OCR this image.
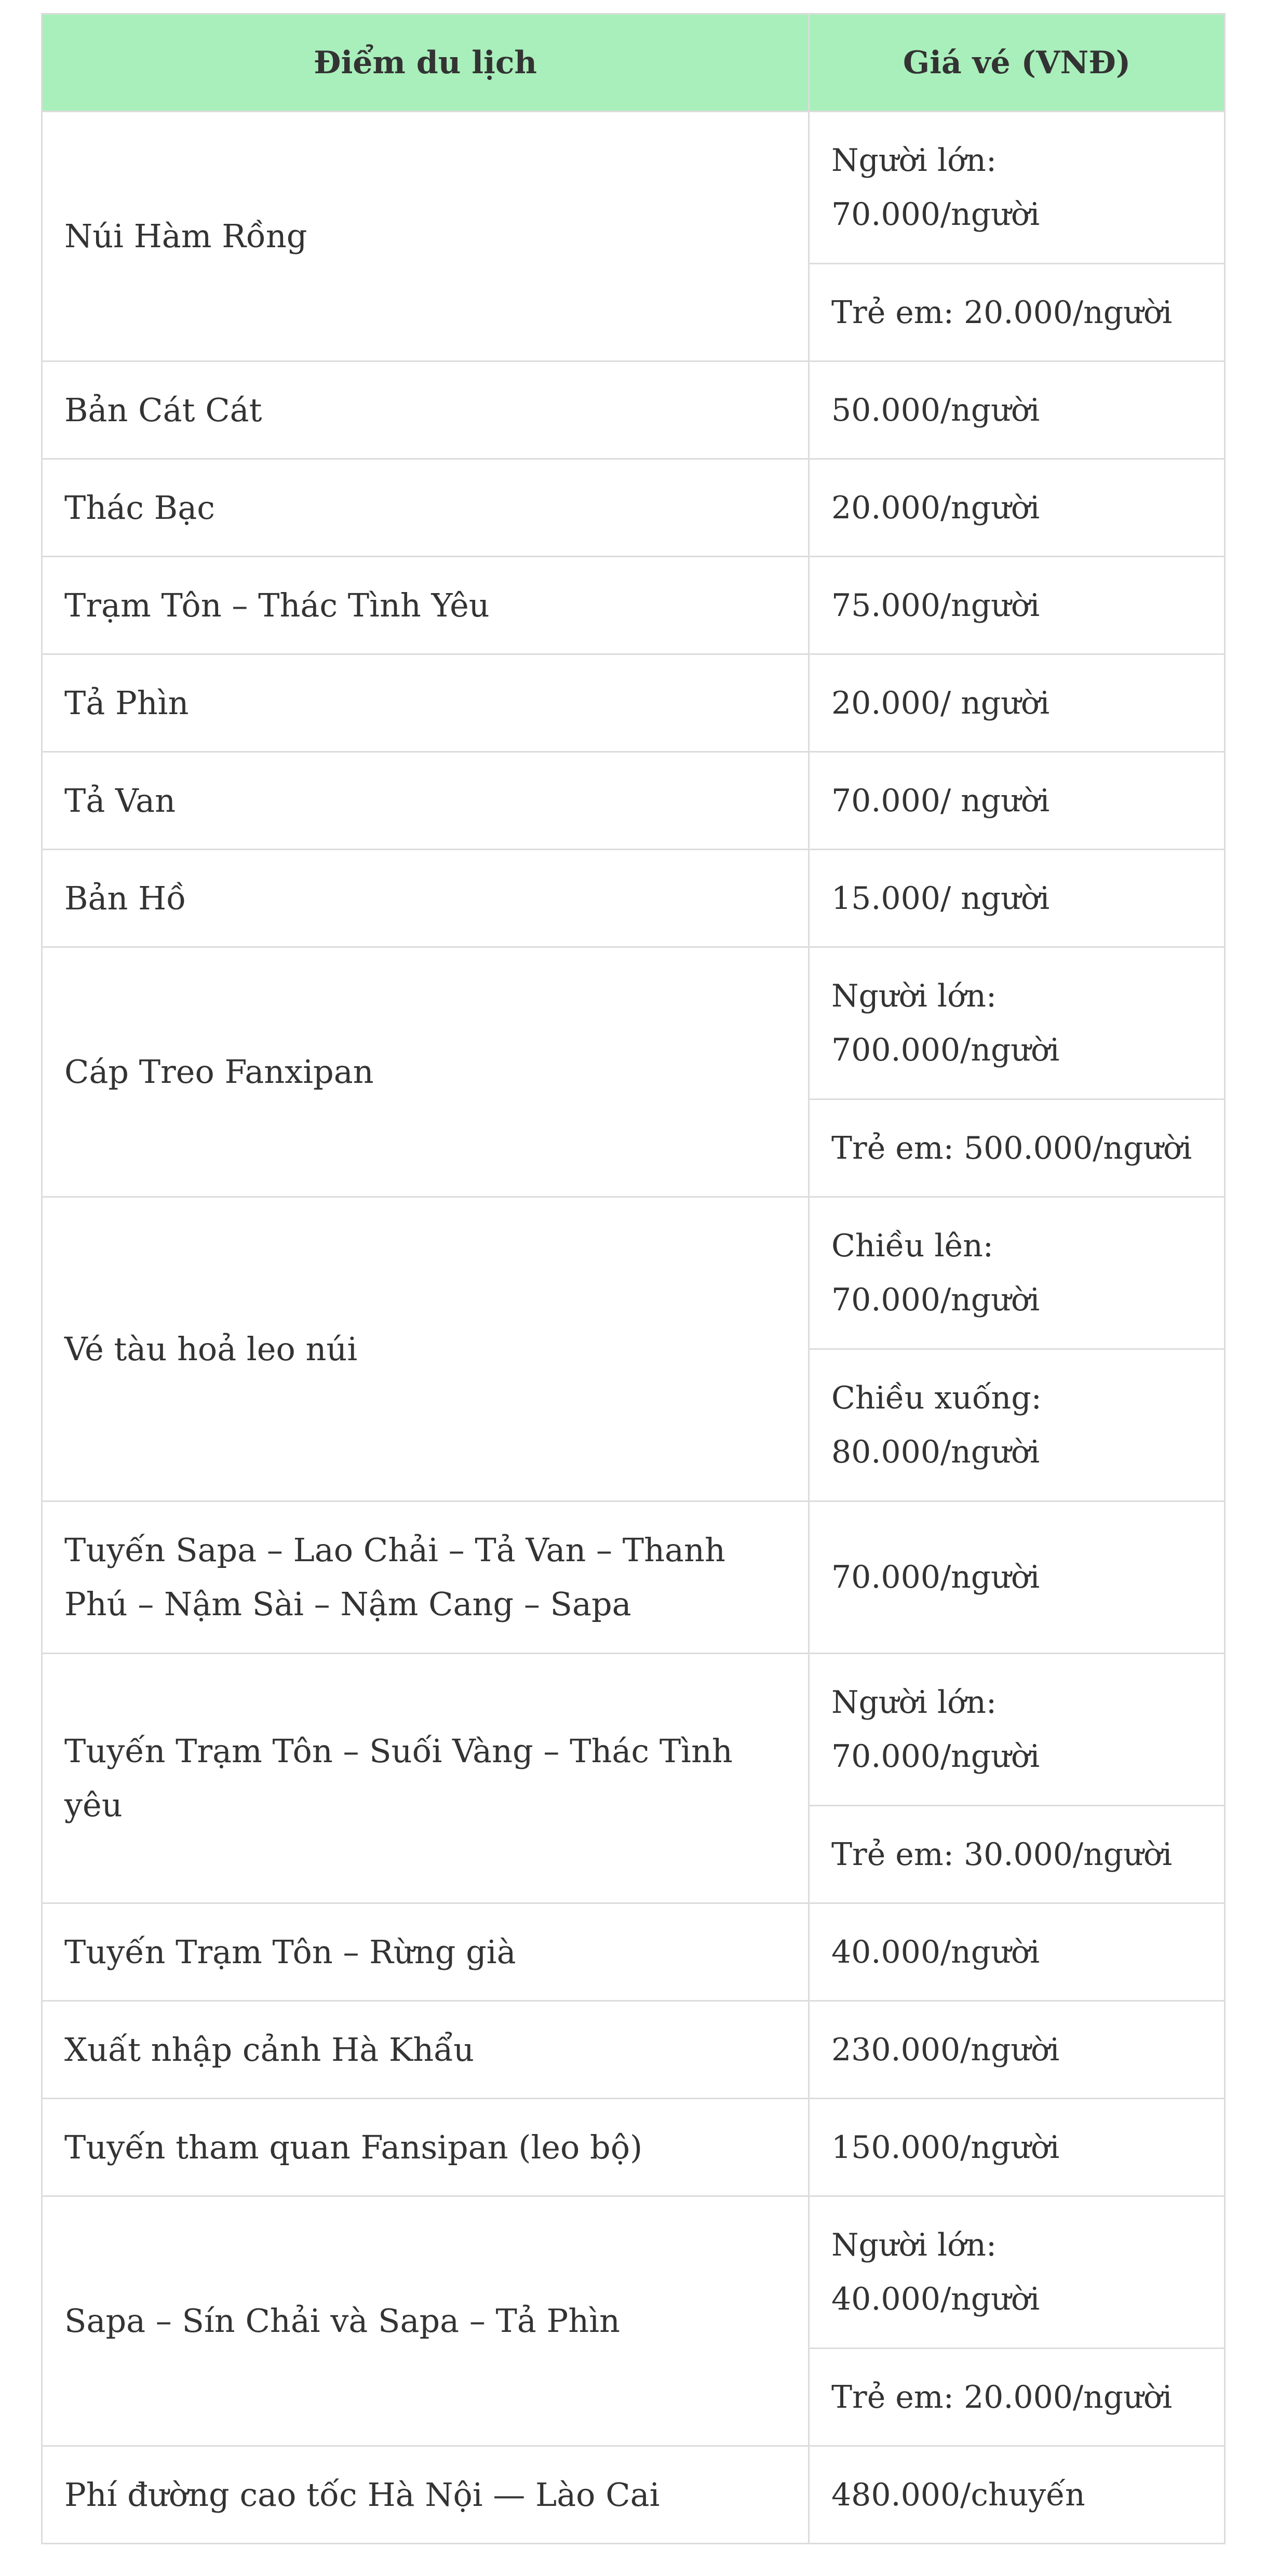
Điểm du lịch	Giá vé (VNĐ)
Núi Hàm Rồng	Người lớn: 70.000/người
	Trẻ em: 20.000/người
Bản Cát Cát	50.000/người
Thác Bạc	20.000/người
Trạm Tôn – Thác Tình Yêu	75.000/người
Tả Phìn	20.000/ người
Tả Van	70.000/ người
Bản Hồ	15.000/ người
Cáp Treo Fanxipan	Người lớn: 700.000/người
	Trẻ em: 500.000/người
Vé tàu hoả leo núi	Chiều lên: 70.000/người
	Chiều xuống: 80.000/người
Tuyến Sapa – Lao Chải – Tả Van – Thanh Phú – Nậm Sài – Nậm Cang – Sapa	70.000/người
Tuyến Trạm Tôn – Suối Vàng – Thác Tình yêu	Người lớn: 70.000/người
	Trẻ em: 30.000/người
Tuyến Trạm Tôn – Rừng già	40.000/người
Xuất nhập cảnh Hà Khẩu	230.000/người
Tuyến tham quan Fansipan (leo bộ)	150.000/người
Sapa – Sín Chải và Sapa – Tả Phìn	Người lớn: 40.000/người
	Trẻ em: 20.000/người
Phí đường cao tốc Hà Nội — Lào Cai	480.000/chuyến
